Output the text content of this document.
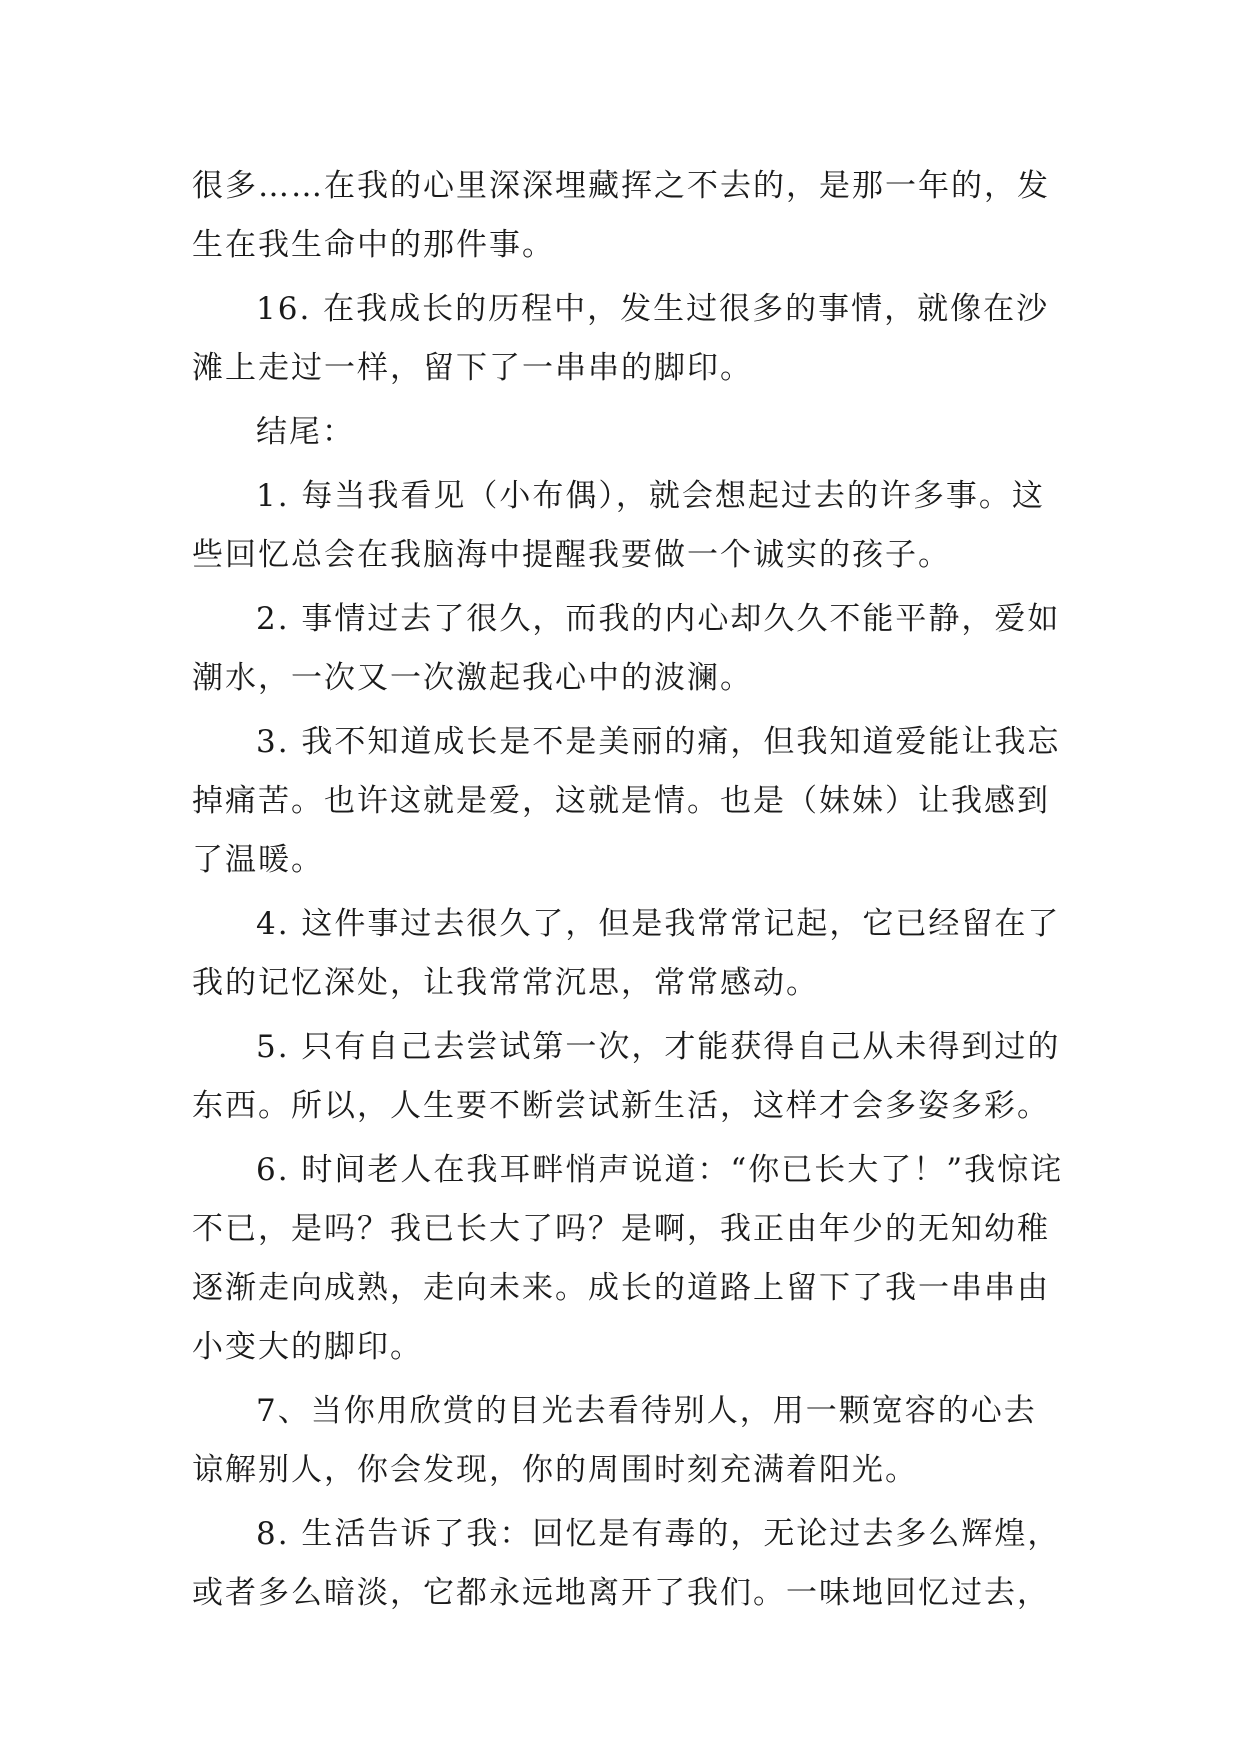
很多……在我的心里深深埋藏挥之不去的，是那一年的，发
生在我生命中的那件事。
16. 在我成长的历程中，发生过很多的事情，就像在沙
滩上走过一样，留下了一串串的脚印。
结尾：
1. 每当我看见（小布偶），就会想起过去的许多事。这
些回忆总会在我脑海中提醒我要做一个诚实的孩子。
2. 事情过去了很久，而我的内心却久久不能平静，爱如
潮水，一次又一次激起我心中的波澜。
3. 我不知道成长是不是美丽的痛，但我知道爱能让我忘
掉痛苦。也许这就是爱，这就是情。也是（妹妹）让我感到
了温暖。
4. 这件事过去很久了，但是我常常记起，它已经留在了
我的记忆深处，让我常常沉思，常常感动。
5. 只有自己去尝试第一次，才能获得自己从未得到过的
东西。所以，人生要不断尝试新生活，这样才会多姿多彩。
6. 时间老人在我耳畔悄声说道：“你已长大了！”我惊诧
不已，是吗？我已长大了吗？是啊，我正由年少的无知幼稚
逐渐走向成熟，走向未来。成长的道路上留下了我一串串由
小变大的脚印。
7、当你用欣赏的目光去看待别人，用一颗宽容的心去
谅解别人，你会发现，你的周围时刻充满着阳光。
8. 生活告诉了我：回忆是有毒的，无论过去多么辉煌，
或者多么暗淡，它都永远地离开了我们。一味地回忆过去，
